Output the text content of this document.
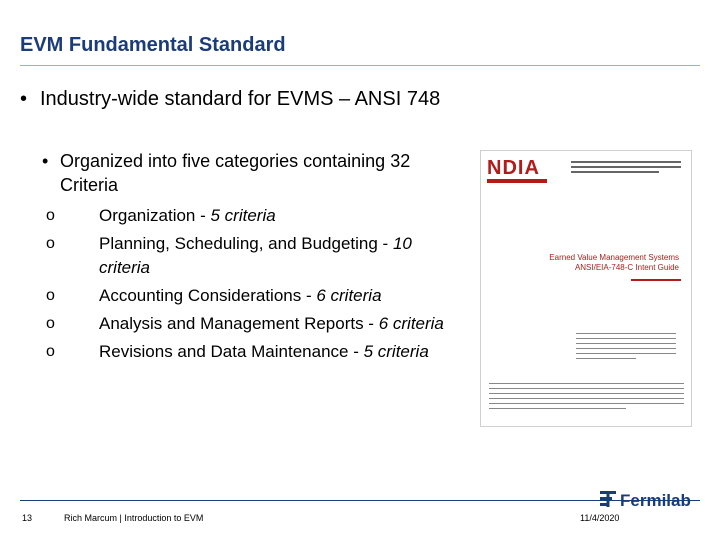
EVM Fundamental Standard
• Industry-wide standard for EVMS – ANSI 748
• Organized into five categories containing 32 Criteria
o	Organization - 5 criteria
o	Planning, Scheduling, and Budgeting - 10 criteria
o	Accounting Considerations - 6 criteria
o	Analysis and Management Reports - 6 criteria
o	Revisions and Data Maintenance - 5 criteria
NDIA
Earned Value Management Systems ANSI/EIA-748-C Intent Guide
13	Rich Marcum | Introduction to EVM	11/4/2020
Fermilab
